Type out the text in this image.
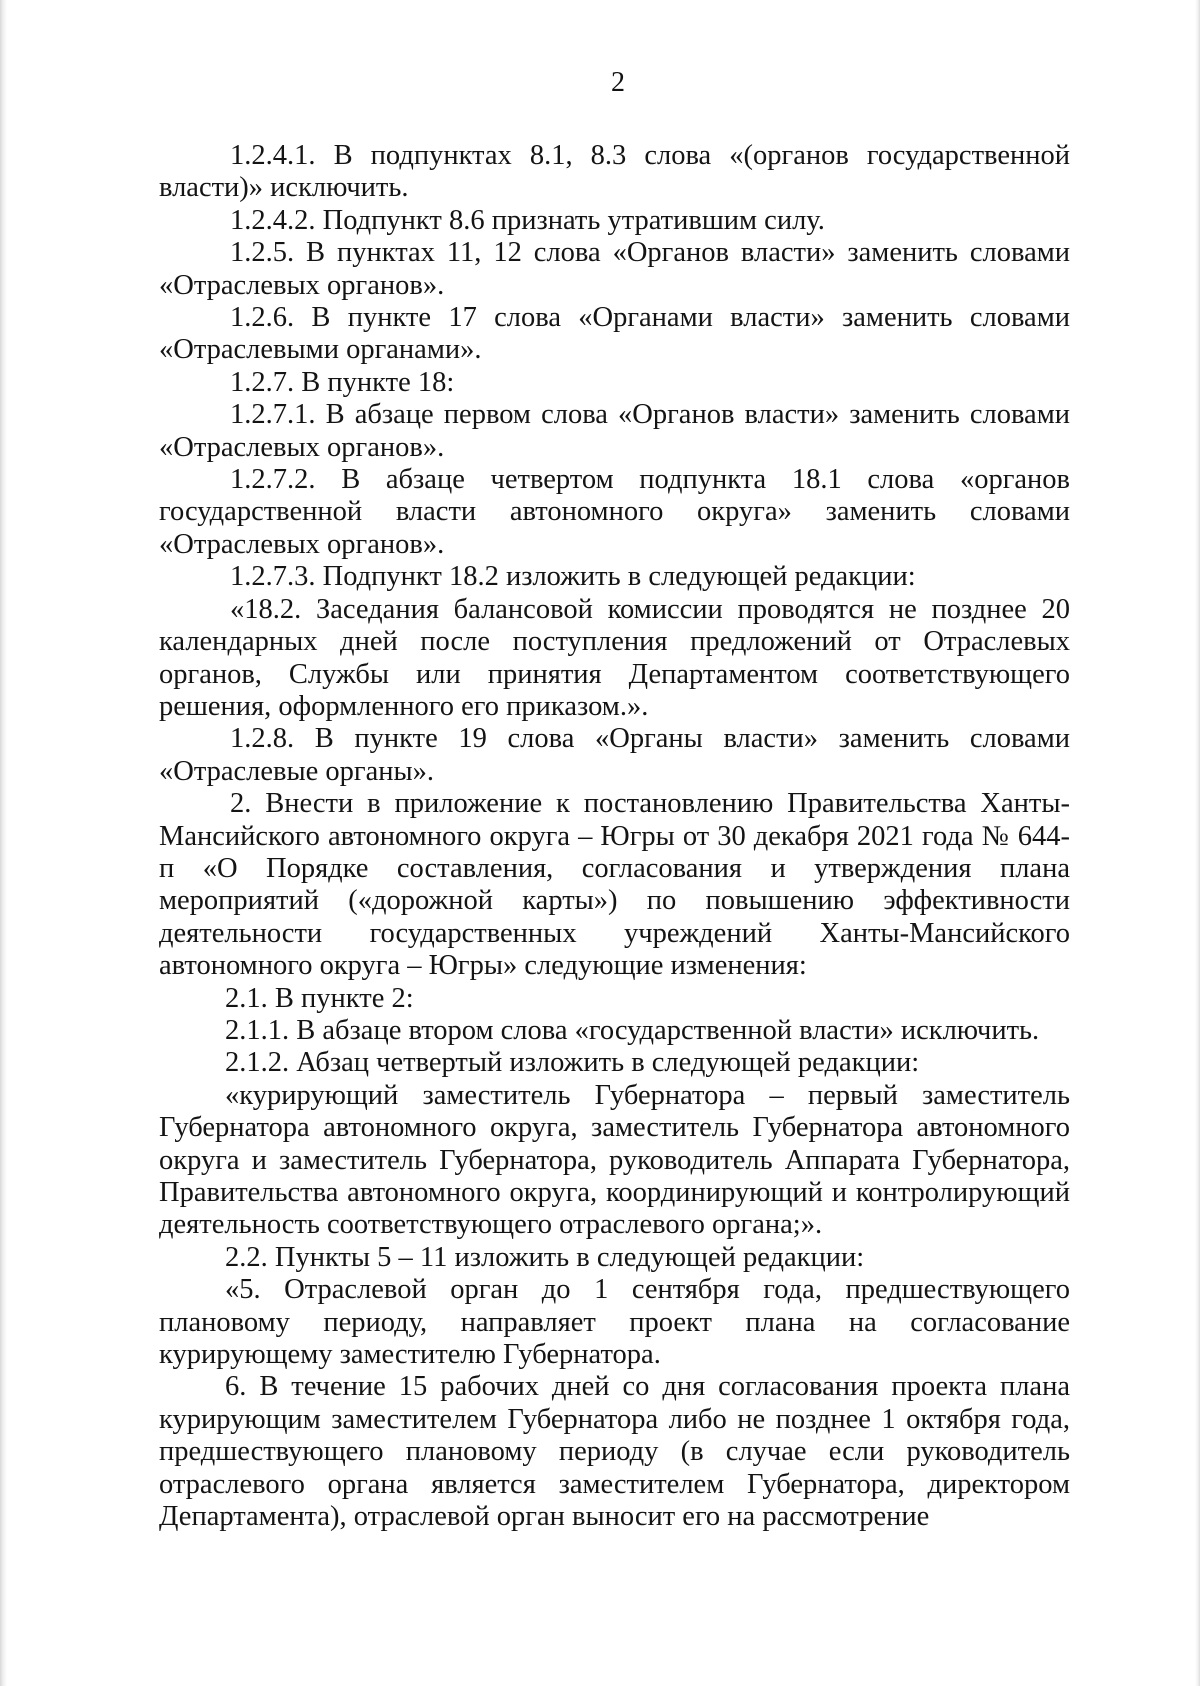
2

1.2.4.1. В подпунктах 8.1, 8.3 слова «(органов государственной власти)» исключить.

1.2.4.2. Подпункт 8.6 признать утратившим силу.

1.2.5. В пунктах 11, 12 слова «Органов власти» заменить словами «Отраслевых органов».

1.2.6. В пункте 17 слова «Органами власти» заменить словами «Отраслевыми органами».

1.2.7. В пункте 18:

1.2.7.1. В абзаце первом слова «Органов власти» заменить словами «Отраслевых органов».

1.2.7.2. В абзаце четвертом подпункта 18.1 слова «органов государственной власти автономного округа» заменить словами «Отраслевых органов».

1.2.7.3. Подпункт 18.2 изложить в следующей редакции:

«18.2. Заседания балансовой комиссии проводятся не позднее 20 календарных дней после поступления предложений от Отраслевых органов, Службы или принятия Департаментом соответствующего решения, оформленного его приказом.».

1.2.8. В пункте 19 слова «Органы власти» заменить словами «Отраслевые органы».

2. Внести в приложение к постановлению Правительства Ханты-Мансийского автономного округа – Югры от 30 декабря 2021 года № 644-п «О Порядке составления, согласования и утверждения плана мероприятий («дорожной карты») по повышению эффективности деятельности государственных учреждений Ханты-Мансийского автономного округа – Югры» следующие изменения:

2.1. В пункте 2:

2.1.1. В абзаце втором слова «государственной власти» исключить.

2.1.2. Абзац четвертый изложить в следующей редакции:

«курирующий заместитель Губернатора – первый заместитель Губернатора автономного округа, заместитель Губернатора автономного округа и заместитель Губернатора, руководитель Аппарата Губернатора, Правительства автономного округа, координирующий и контролирующий деятельность соответствующего отраслевого органа;».

2.2. Пункты 5 – 11 изложить в следующей редакции:

«5. Отраслевой орган до 1 сентября года, предшествующего плановому периоду, направляет проект плана на согласование курирующему заместителю Губернатора.

6. В течение 15 рабочих дней со дня согласования проекта плана курирующим заместителем Губернатора либо не позднее 1 октября года, предшествующего плановому периоду (в случае если руководитель отраслевого органа является заместителем Губернатора, директором Департамента), отраслевой орган выносит его на рассмотрение
